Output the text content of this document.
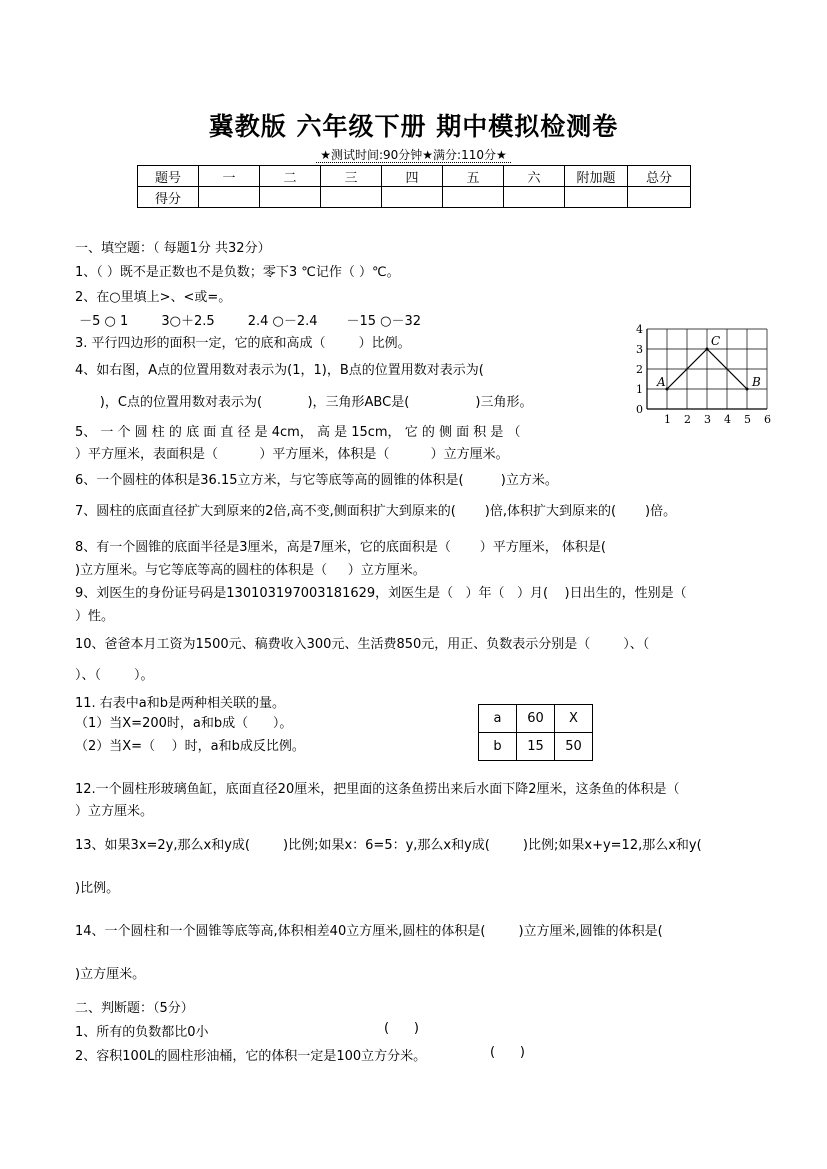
冀教版 六年级下册 期中模拟检测卷
★测试时间:90分钟★满分:110分★
题号	一	二	三	四	五	六	附加题	总分
得分								
一、填空题：（ 每题1分 共32分）
1、（ ）既不是正数也不是负数；零下3 ℃记作（ ）℃。
2、在○里填上>、<或=。
－5 ○ 1        3○＋2.5        2.4 ○－2.4       －15 ○－32
3. 平行四边形的面积一定，它的底和高成（        ）比例。
4、如右图，A点的位置用数对表示为(1，1)，B点的位置用数对表示为(
)，C点的位置用数对表示为(           )，三角形ABC是(                )三角形。
5、 一 个 圆 柱 的 底 面 直 径 是 4cm， 高 是 15cm， 它 的 侧 面 积 是 （
）平方厘米，表面积是（          ）平方厘米，体积是（          ）立方厘米。
6、一个圆柱的体积是36.15立方米，与它等底等高的圆锥的体积是(         )立方米。
7、圆柱的底面直径扩大到原来的2倍,高不变,侧面积扩大到原来的(       )倍,体积扩大到原来的(       )倍。
8、有一个圆锥的底面半径是3厘米，高是7厘米，它的底面积是（       ）平方厘米， 体积是(
)立方厘米。与它等底等高的圆柱的体积是（     ）立方厘米。
9、刘医生的身份证号码是130103197003181629，刘医生是（   ）年（   ）月(    )日出生的，性别是（
）性。
10、爸爸本月工资为1500元、稿费收入300元、生活费850元，用正、负数表示分别是（        ）、（
）、（        ）。
11. 右表中a和b是两种相关联的量。
（1）当X=200时，a和b成（      ）。
（2）当X=（    ）时，a和b成反比例。
12.一个圆柱形玻璃鱼缸，底面直径20厘米，把里面的这条鱼捞出来后水面下降2厘米，这条鱼的体积是（
）立方厘米。
13、如果3x=2y,那么x和y成(        )比例;如果x：6=5：y,那么x和y成(        )比例;如果x+y=12,那么x和y(
)比例。
14、一个圆柱和一个圆锥等底等高,体积相差40立方厘米,圆柱的体积是(        )立方厘米,圆锥的体积是(
)立方厘米。
a	60	X
b	15	50
0
1
2
3
4
1 2 3 4 5 6
A
C
B
二、判断题：（5分）
1、所有的负数都比0小	(      )
2、容积100L的圆柱形油桶，它的体积一定是100立方分米。	(      )
